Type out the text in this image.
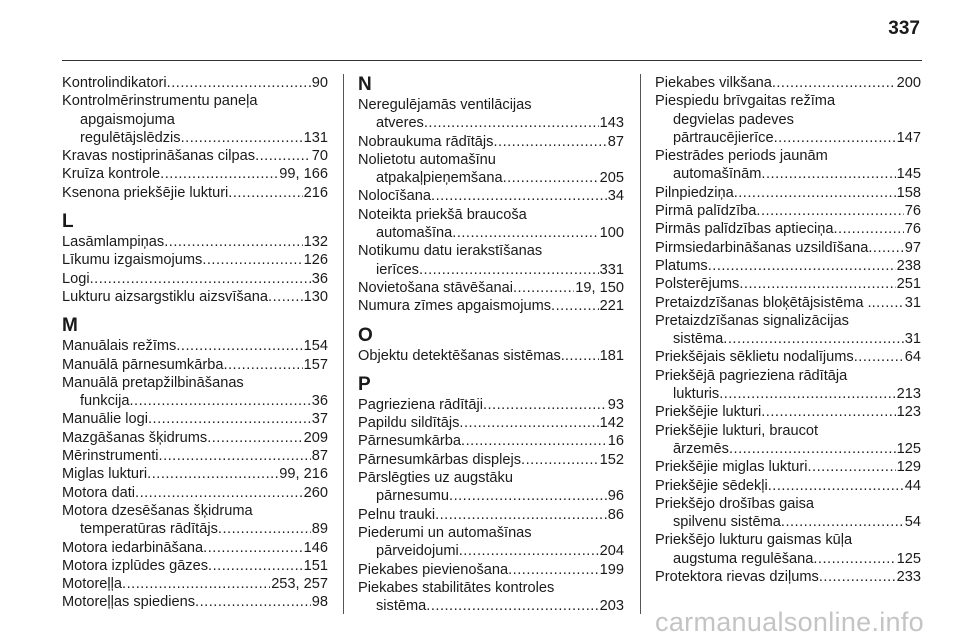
337
Kontrolindikatori .....	90
Kontrolmērinstrumentu paneļa
apgaismojuma
regulētājslēdzis .....	131
Kravas nostiprināšanas cilpas .....	70
Kruīza kontrole .....	99, 166
Ksenona priekšējie lukturi .....	216
L
Lasāmlampiņas .....	132
Līkumu izgaismojums .....	126
Logi .....	36
Lukturu aizsargstiklu aizsvīšana ..... 130
M
Manuālais režīms .....	154
Manuālā pārnesumkārba .....	157
Manuālā pretapžilbināšanas
funkcija .....	36
Manuālie logi .....	37
Mazgāšanas šķidrums .....	209
Mērinstrumenti .....	87
Miglas lukturi .....	99, 216
Motora dati .....	260
Motora dzesēšanas šķidruma
temperatūras rādītājs .....	89
Motora iedarbināšana .....	146
Motora izplūdes gāzes .....	151
Motoreļļa .....	253, 257
Motoreļļas spiediens .....	98
N
Neregulējamās ventilācijas
atveres .....	143
Nobraukuma rādītājs .....	87
Nolietotu automašīnu
atpakaļpieņemšana .....	205
Nolocīšana .....	34
Noteikta priekšā braucoša
automašīna .....	100
Notikumu datu ierakstīšanas
ierīces .....	331
Novietošana stāvēšanai .....	19, 150
Numura zīmes apgaismojums .....	221
O
Objektu detektēšanas sistēmas. ..... 181
P
Pagrieziena rādītāji .....	93
Papildu sildītājs .....	142
Pārnesumkārba .....	16
Pārnesumkārbas displejs .....	152
Pārslēgties uz augstāku
pārnesumu .....	96
Pelnu trauki .....	86
Piederumi un automašīnas
pārveidojumi .....	204
Piekabes pievienošana .....	199
Piekabes stabilitātes kontroles
sistēma .....	203
Piekabes vilkšana .....	200
Piespiedu brīvgaitas režīma
degvielas padeves
pārtraucējierīce .....	147
Piestrādes periods jaunām
automašīnām .....	145
Pilnpiedziņa .....	158
Pirmā palīdzība .....	76
Pirmās palīdzības aptieciņa .....	76
Pirmsiedarbināšanas uzsildīšana ..... 97
Platums .....	238
Polsterējums .....	251
Pretaizdzīšanas bloķētājsistēma . ..... 31
Pretaizdzīšanas signalizācijas
sistēma .....	31
Priekšējais sēklietu nodalījums .....	64
Priekšējā pagrieziena rādītāja
lukturis .....	213
Priekšējie lukturi .....	123
Priekšējie lukturi, braucot
ārzemēs .....	125
Priekšējie miglas lukturi .....	129
Priekšējie sēdekļi .....	44
Priekšējo drošības gaisa
spilvenu sistēma .....	54
Priekšējo lukturu gaismas kūļa
augstuma regulēšana .....	125
Protektora rievas dziļums .....	233
carmanualsonline.info
